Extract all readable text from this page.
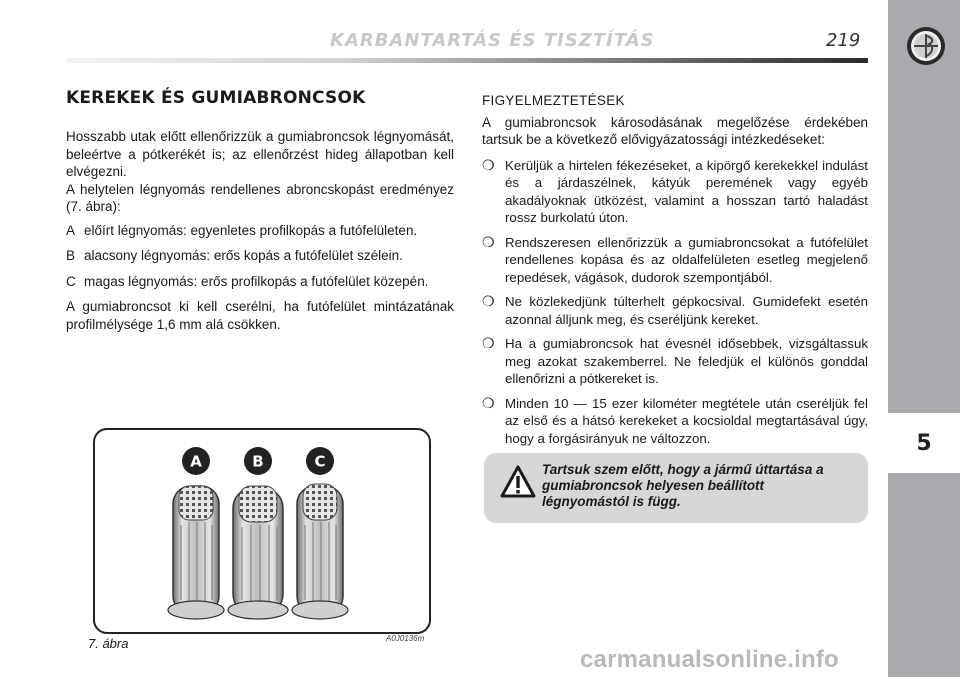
KARBANTARTÁS ÉS TISZTÍTÁS	219
5
KEREKEK ÉS GUMIABRONCSOK

Hosszabb utak előtt ellenőrizzük a gumiabroncsok légnyomását, beleértve a pótkerékét is; az ellenőrzést hideg állapotban kell elvégezni.

A helytelen légnyomás rendellenes abroncskopást eredményez (7. ábra):

A előírt légnyomás: egyenletes profilkopás a futófelületen.
B alacsony légnyomás: erős kopás a futófelület szélein.
C magas légnyomás: erős profilkopás a futófelület közepén.

A gumiabroncsot ki kell cserélni, ha futófelület mintázatának profilmélysége 1,6 mm alá csökken.

FIGYELMEZTETÉSEK

A gumiabroncsok károsodásának megelőzése érdekében tartsuk be a következő elővigyázatossági intézkedéseket:

❍ Kerüljük a hirtelen fékezéseket, a kipörgő kerekekkel indulást és a járdaszélnek, kátyúk peremének vagy egyéb akadályoknak ütközést, valamint a hosszan tartó haladást rossz burkolatú úton.
❍ Rendszeresen ellenőrizzük a gumiabroncsokat a futófelület rendellenes kopása és az oldalfelületen esetleg megjelenő repedések, vágások, dudorok szempontjából.
❍ Ne közlekedjünk túlterhelt gépkocsival. Gumidefekt esetén azonnal álljunk meg, és cseréljünk kereket.
❍ Ha a gumiabroncsok hat évesnél idősebbek, vizsgáltassuk meg azokat szakemberrel. Ne feledjük el különös gonddal ellenőrizni a pótkereket is.
❍ Minden 10 — 15 ezer kilométer megtétele után cseréljük fel az első és a hátsó kerekeket a kocsioldal megtartásával úgy, hogy a forgásirányuk ne változzon.
Tartsuk szem előtt, hogy a jármű úttartása a gumiabroncsok helyesen beállított légnyomástól is függ.
A	B	C
A0J0136m
7. ábra
carmanualsonline.info
